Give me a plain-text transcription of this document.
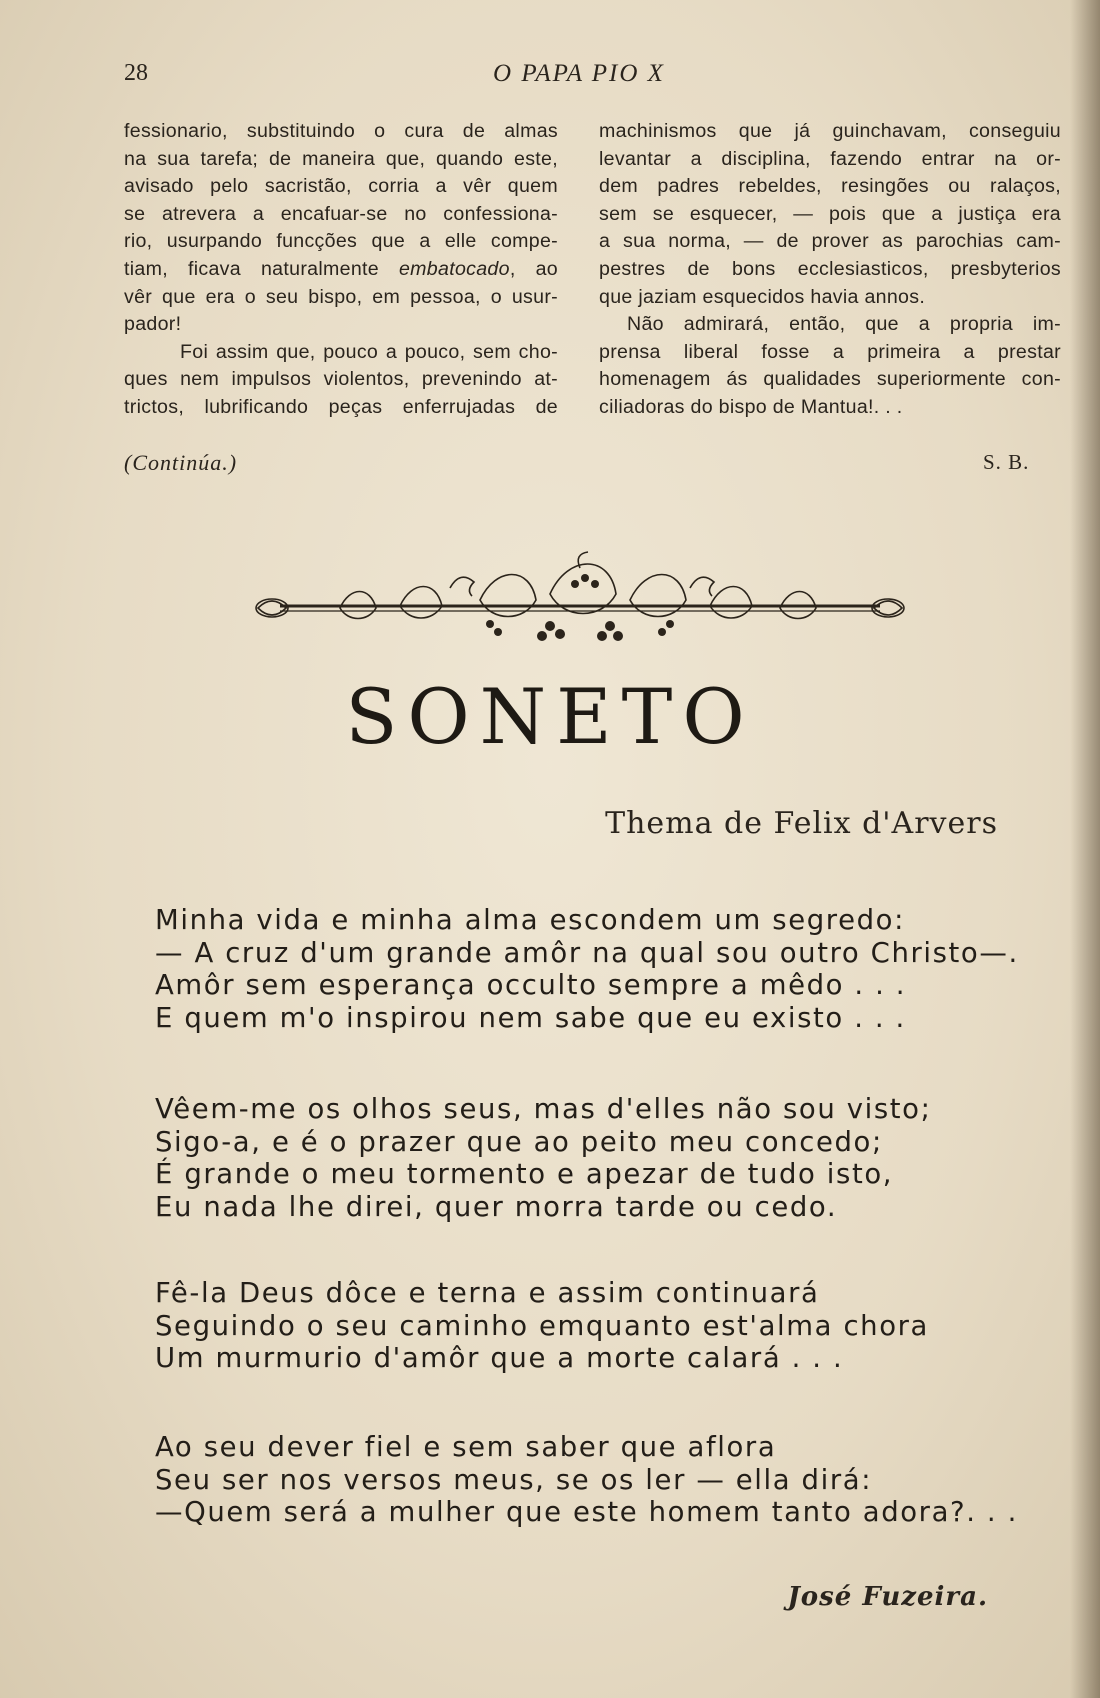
28	O PAPA PIO X
fessionario, substituindo o cura de almas
na sua tarefa; de maneira que, quando este,
avisado pelo sacristão, corria a vêr quem
se atrevera a encafuar-se no confessiona-
rio, usurpando funcções que a elle compe-
tiam, ficava naturalmente embatocado, ao
vêr que era o seu bispo, em pessoa, o usur-
pador!
Foi assim que, pouco a pouco, sem cho-
ques nem impulsos violentos, prevenindo at-
trictos, lubrificando peças enferrujadas de
machinismos que já guinchavam, conseguiu
levantar a disciplina, fazendo entrar na or-
dem padres rebeldes, resingões ou ralaços,
sem se esquecer, — pois que a justiça era
a sua norma, — de prover as parochias cam-
pestres de bons ecclesiasticos, presbyterios
que jaziam esquecidos havia annos.
Não admirará, então, que a propria im-
prensa liberal fosse a primeira a prestar
homenagem ás qualidades superiormente con-
ciliadoras do bispo de Mantua!. . .
(Continúa.)	S. B.
SONETO
Thema de Felix d'Arvers
Minha vida e minha alma escondem um segredo:
— A cruz d'um grande amôr na qual sou outro Christo—.
Amôr sem esperança occulto sempre a mêdo . . .
E quem m'o inspirou nem sabe que eu existo . . .
Vêem-me os olhos seus, mas d'elles não sou visto;
Sigo-a, e é o prazer que ao peito meu concedo;
É grande o meu tormento e apezar de tudo isto,
Eu nada lhe direi, quer morra tarde ou cedo.
Fê-la Deus dôce e terna e assim continuará
Seguindo o seu caminho emquanto est'alma chora
Um murmurio d'amôr que a morte calará . . .
Ao seu dever fiel e sem saber que aflora
Seu ser nos versos meus, se os ler — ella dirá:
—Quem será a mulher que este homem tanto adora?. . .
José Fuzeira.
